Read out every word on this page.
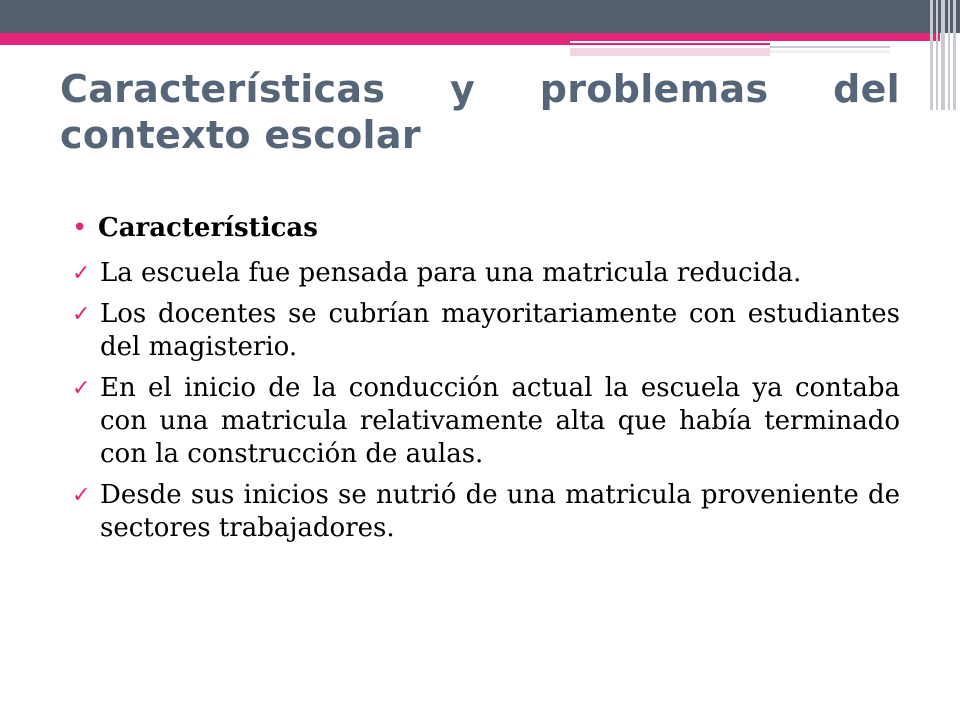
Características y problemas del contexto escolar
• Características
✓ La escuela fue pensada para una matricula reducida.
✓ Los docentes se cubrían mayoritariamente con estudiantes del magisterio.
✓ En el inicio de la conducción actual la escuela ya contaba con una matricula relativamente alta que había terminado con la construcción de aulas.
✓ Desde sus inicios se nutrió de una matricula proveniente de sectores trabajadores.
